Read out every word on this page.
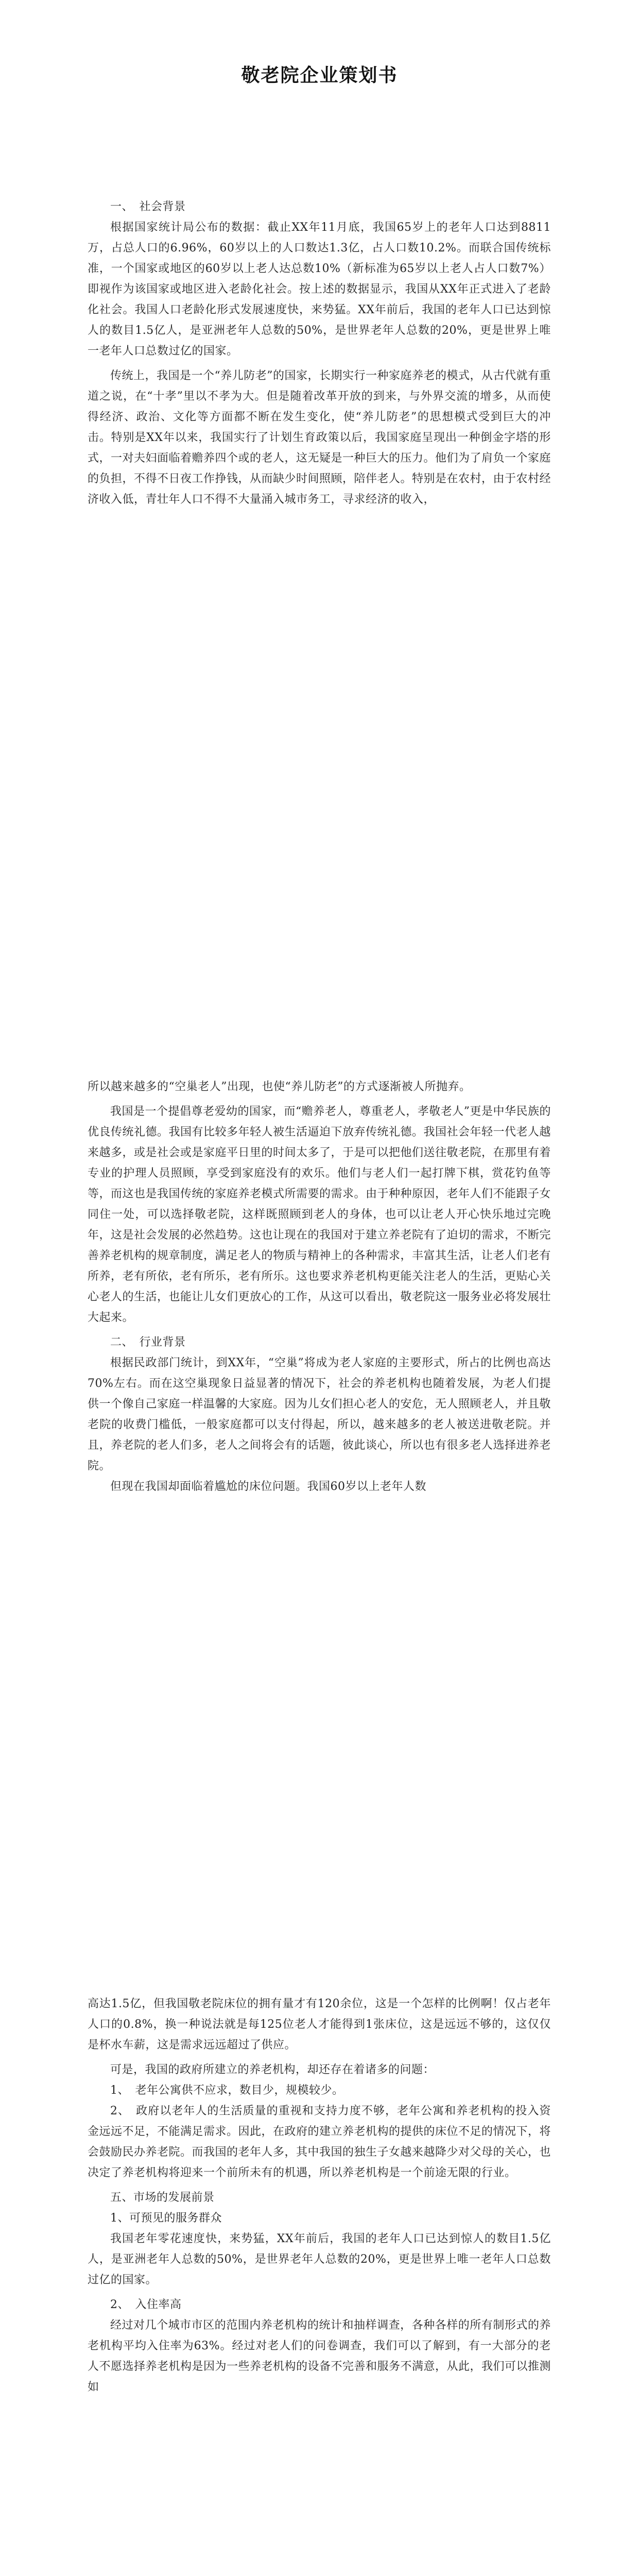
敬老院企业策划书

一、　社会背景

根据国家统计局公布的数据：截止XX年11月底，我国65岁上的老年人口达到8811万，占总人口的6.96%，60岁以上的人口数达1.3亿，占人口数10.2%。而联合国传统标准，一个国家或地区的60岁以上老人达总数10%（新标准为65岁以上老人占人口数7%）即视作为该国家或地区进入老龄化社会。按上述的数据显示，我国从XX年正式进入了老龄化社会。我国人口老龄化形式发展速度快，来势猛。XX年前后，我国的老年人口已达到惊人的数目1.5亿人，是亚洲老年人总数的50%，是世界老年人总数的20%，更是世界上唯一老年人口总数过亿的国家。

传统上，我国是一个“养儿防老”的国家，长期实行一种家庭养老的模式，从古代就有重道之说，在“十孝”里以不孝为大。但是随着改革开放的到来，与外界交流的增多，从而使得经济、政治、文化等方面都不断在发生变化，使“养儿防老”的思想模式受到巨大的冲击。特别是XX年以来，我国实行了计划生育政策以后，我国家庭呈现出一种倒金字塔的形式，一对夫妇面临着赡养四个或的老人，这无疑是一种巨大的压力。他们为了肩负一个家庭的负担，不得不日夜工作挣钱，从而缺少时间照顾，陪伴老人。特别是在农村，由于农村经济收入低，青壮年人口不得不大量涌入城市务工，寻求经济的收入，

所以越来越多的“空巢老人”出现，也使“养儿防老”的方式逐渐被人所抛弃。

我国是一个提倡尊老爱幼的国家，而“赡养老人，尊重老人，孝敬老人”更是中华民族的优良传统礼德。我国有比较多年轻人被生活逼迫下放弃传统礼德。我国社会年轻一代老人越来越多，或是社会或是家庭平日里的时间太多了，于是可以把他们送往敬老院，在那里有着专业的护理人员照顾，享受到家庭没有的欢乐。他们与老人们一起打牌下棋，赏花钓鱼等等，而这也是我国传统的家庭养老模式所需要的需求。由于种种原因，老年人们不能跟子女同住一处，可以选择敬老院，这样既照顾到老人的身体，也可以让老人开心快乐地过完晚年，这是社会发展的必然趋势。这也让现在的我国对于建立养老院有了迫切的需求，不断完善养老机构的规章制度，满足老人的物质与精神上的各种需求，丰富其生活，让老人们老有所养，老有所依，老有所乐，老有所乐。这也要求养老机构更能关注老人的生活，更贴心关心老人的生活，也能让儿女们更放心的工作，从这可以看出，敬老院这一服务业必将发展壮大起来。

二、　行业背景

根据民政部门统计，到XX年，“空巢”将成为老人家庭的主要形式，所占的比例也高达70%左右。而在这空巢现象日益显著的情况下，社会的养老机构也随着发展，为老人们提供一个像自己家庭一样温馨的大家庭。因为儿女们担心老人的安危，无人照顾老人，并且敬老院的收费门槛低，一般家庭都可以支付得起，所以，越来越多的老人被送进敬老院。并且，养老院的老人们多，老人之间将会有的话题，彼此谈心，所以也有很多老人选择进养老院。

但现在我国却面临着尴尬的床位问题。我国60岁以上老年人数

高达1.5亿，但我国敬老院床位的拥有量才有120余位，这是一个怎样的比例啊！仅占老年人口的0.8%，换一种说法就是每125位老人才能得到1张床位，这是远远不够的，这仅仅是杯水车薪，这是需求远远超过了供应。

可是，我国的政府所建立的养老机构，却还存在着诸多的问题：

1、　老年公寓供不应求，数目少，规模较少。

2、　政府以老年人的生活质量的重视和支持力度不够，老年公寓和养老机构的投入资金远远不足，不能满足需求。因此，在政府的建立养老机构的提供的床位不足的情况下，将会鼓励民办养老院。而我国的老年人多，其中我国的独生子女越来越降少对父母的关心，也决定了养老机构将迎来一个前所未有的机遇，所以养老机构是一个前途无限的行业。

五、市场的发展前景

1、可预见的服务群众

我国老年零花速度快，来势猛，XX年前后，我国的老年人口已达到惊人的数目1.5亿人，是亚洲老年人总数的50%，是世界老年人总数的20%，更是世界上唯一老年人口总数过亿的国家。

2、　入住率高

经过对几个城市市区的范围内养老机构的统计和抽样调查，各种各样的所有制形式的养老机构平均入住率为63%。经过对老人们的问卷调查，我们可以了解到，有一大部分的老人不愿选择养老机构是因为一些养老机构的设备不完善和服务不满意，从此，我们可以推测如
